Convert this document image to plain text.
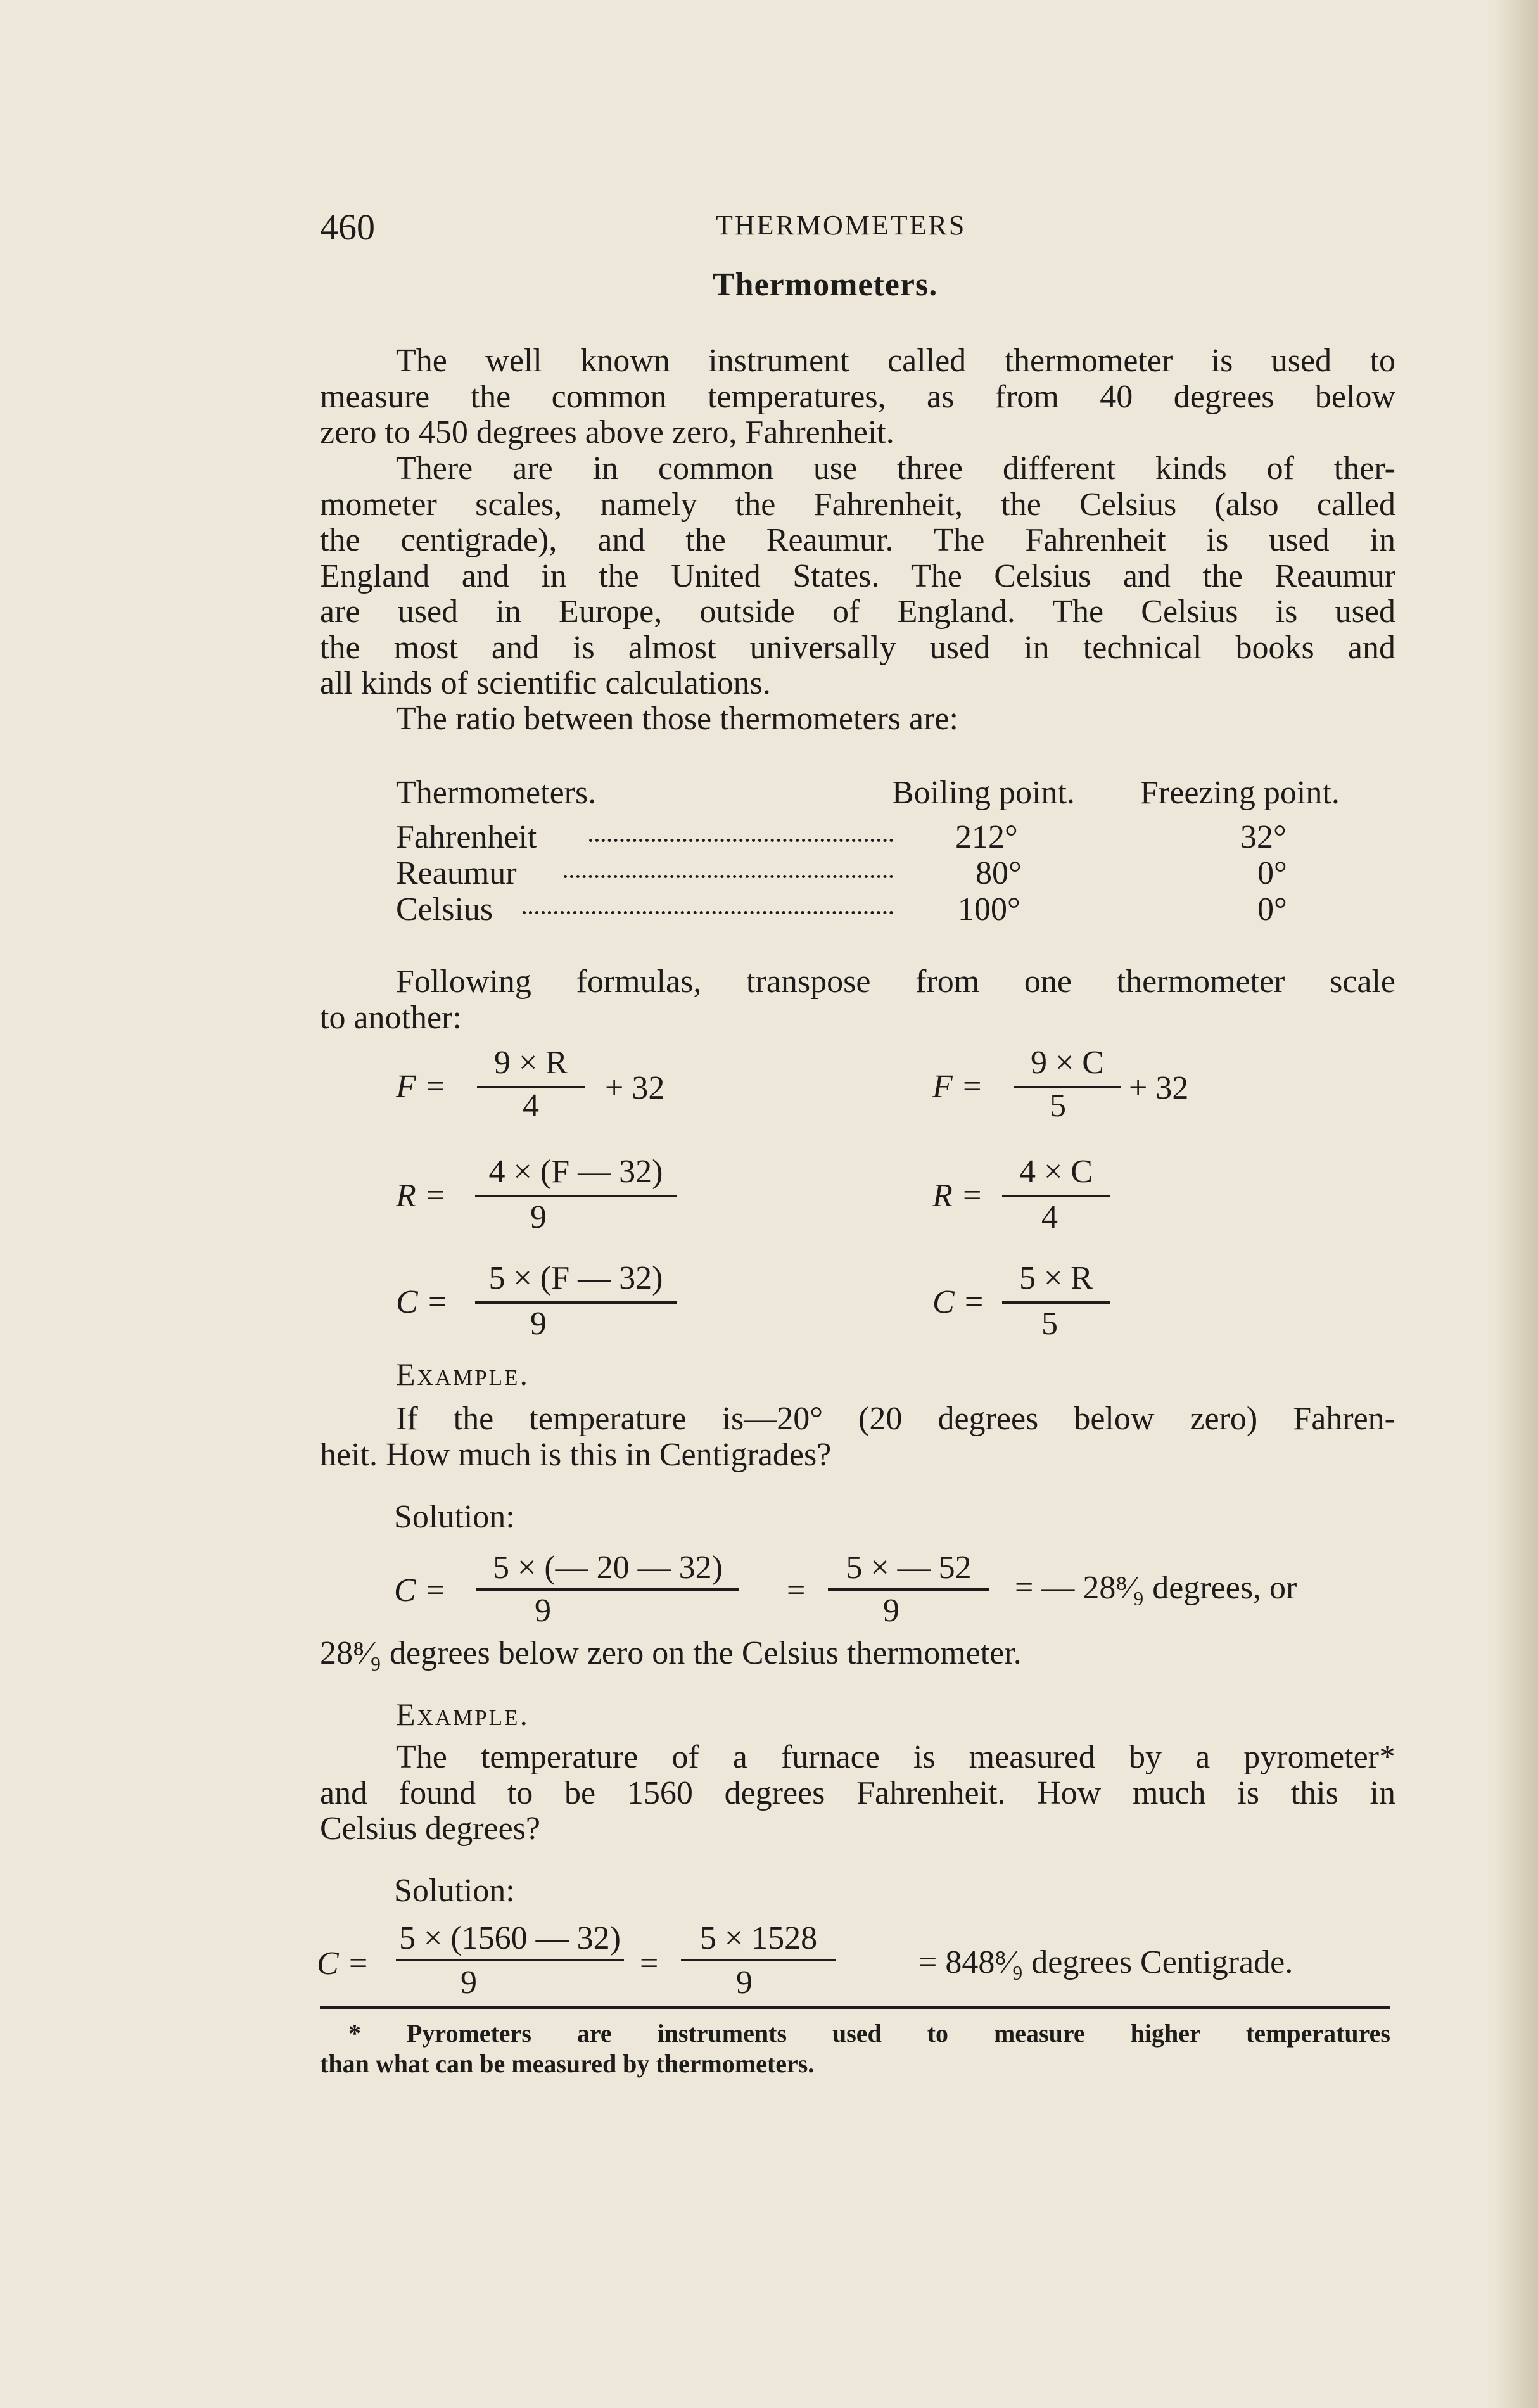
460	THERMOMETERS
Thermometers.
The well known instrument called thermometer is used to
measure the common temperatures, as from 40 degrees below
zero to 450 degrees above zero, Fahrenheit.
There are in common use three different kinds of ther-
mometer scales, namely the Fahrenheit, the Celsius (also called
the centigrade), and the Reaumur. The Fahrenheit is used in
England and in the United States. The Celsius and the Reaumur
are used in Europe, outside of England. The Celsius is used
the most and is almost universally used in technical books and
all kinds of scientific calculations.
The ratio between those thermometers are:
Thermometers.	Boiling point. Freezing point.
Fahrenheit	212°	32°
Reaumur	80°	0°
Celsius	100°	0°
Following formulas, transpose from one thermometer scale
to another:
F =
9 × R
4	+ 32	F =
9 × C
5	+ 32
R =
4 × (F — 32)
9
R =
4 × C
4
C =
5 × (F — 32)
9
C =
5 × R
5
Example.
If the temperature is—20° (20 degrees below zero) Fahren-
heit. How much is this in Centigrades?
Solution:
C =
5 × (— 20 — 32)
9
=
5 × — 52
9
= — 28⁸⁄₉ degrees, or
28⁸⁄₉ degrees below zero on the Celsius thermometer.
Example.
The temperature of a furnace is measured by a pyrometer*
and found to be 1560 degrees Fahrenheit. How much is this in
Celsius degrees?
Solution:
C =
5 × (1560 — 32)
9
=
5 × 1528
9
= 848⁸⁄₉ degrees Centigrade.
* Pyrometers are instruments used to measure higher temperatures
than what can be measured by thermometers.
